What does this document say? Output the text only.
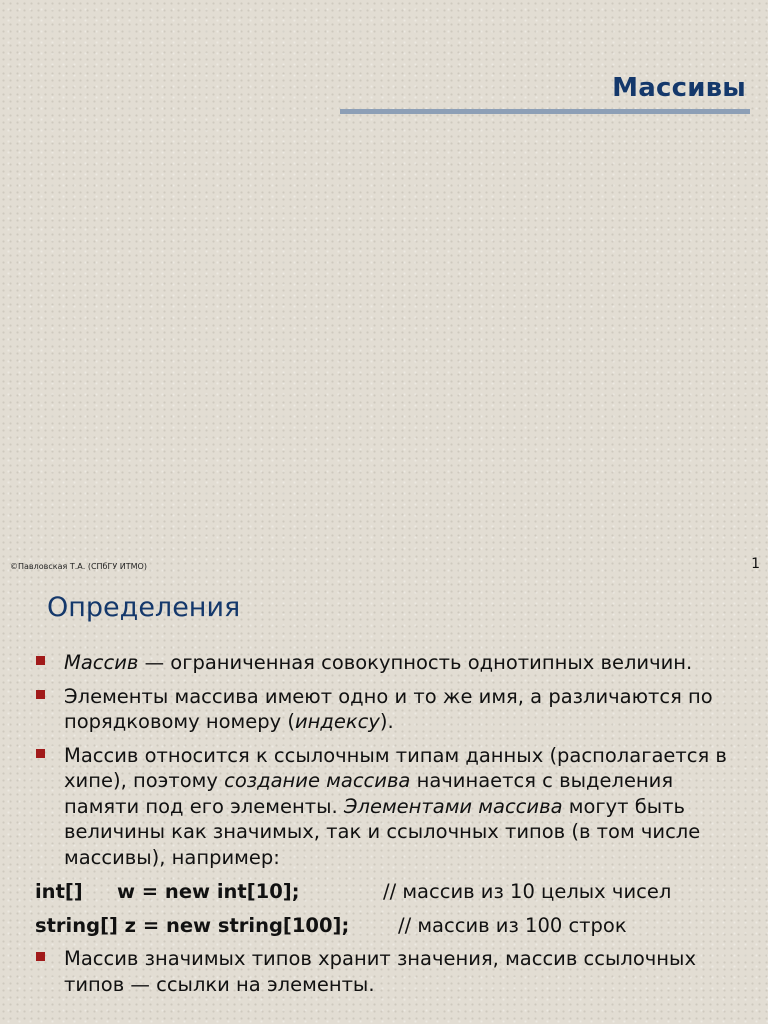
Массивы
©Павловская Т.А. (СПбГУ ИТМО)	1
Определения
Массив — ограниченная совокупность однотипных величин.
Элементы массива имеют одно и то же имя, а различаются по порядковому номеру (индексу).
Массив относится к ссылочным типам данных (располагается в хипе), поэтому создание массива начинается с выделения памяти под его элементы. Элементами массива могут быть величины как значимых, так и ссылочных типов (в том числе массивы), например:
int[] w = new int[10];	// массив из 10 целых чисел
string[] z = new string[100]; // массив из 100 строк
Массив значимых типов хранит значения, массив ссылочных типов — ссылки на элементы.
